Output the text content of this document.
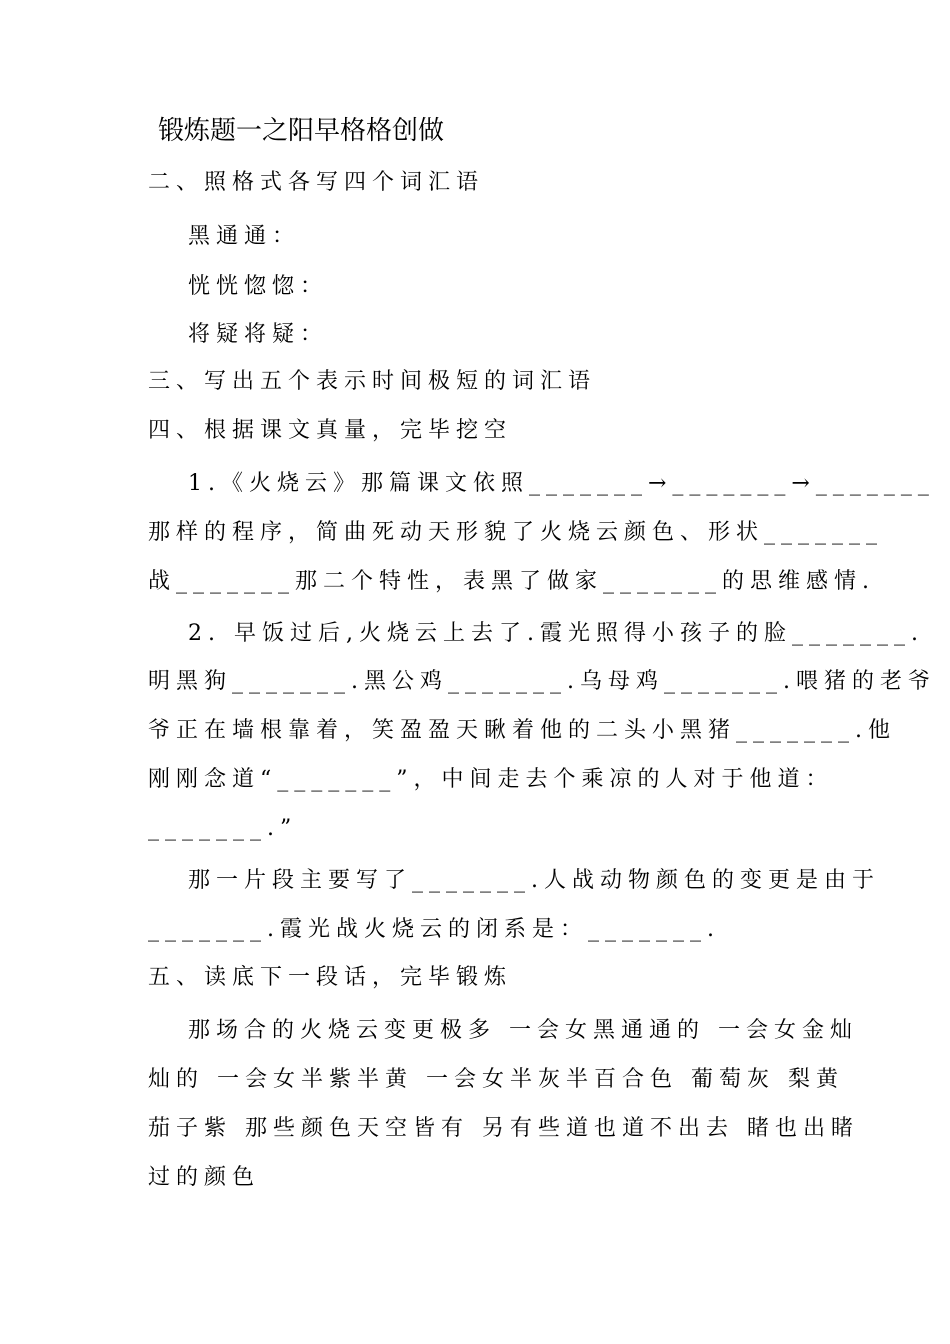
锻炼题一之阳早格格创做
二、照格式各写四个词汇语
黑通通：
恍恍惚惚：
将疑将疑：
三、写出五个表示时间极短的词汇语
四、根据课文真量，完毕挖空
1.《火烧云》那篇课文依照_______→_______→_______
那样的程序，简曲死动天形貌了火烧云颜色、形状_______
战_______那二个特性，表黑了做家_______的思维感情.
2. 早饭过后,火烧云上去了.霞光照得小孩子的脸_______.
明黑狗_______.黑公鸡_______.乌母鸡_______.喂猪的老爷
爷正在墙根靠着，笑盈盈天瞅着他的二头小黑猪_______.他
刚刚念道“_______”，中间走去个乘凉的人对于他道：
_______.”
那一片段主要写了_______.人战动物颜色的变更是由于
_______.霞光战火烧云的闭系是：_______.
五、读底下一段话，完毕锻炼
那场合的火烧云变更极多 一会女黑通通的 一会女金灿
灿的 一会女半紫半黄 一会女半灰半百合色 葡萄灰 梨黄
茄子紫 那些颜色天空皆有 另有些道也道不出去 睹也出睹
过的颜色
